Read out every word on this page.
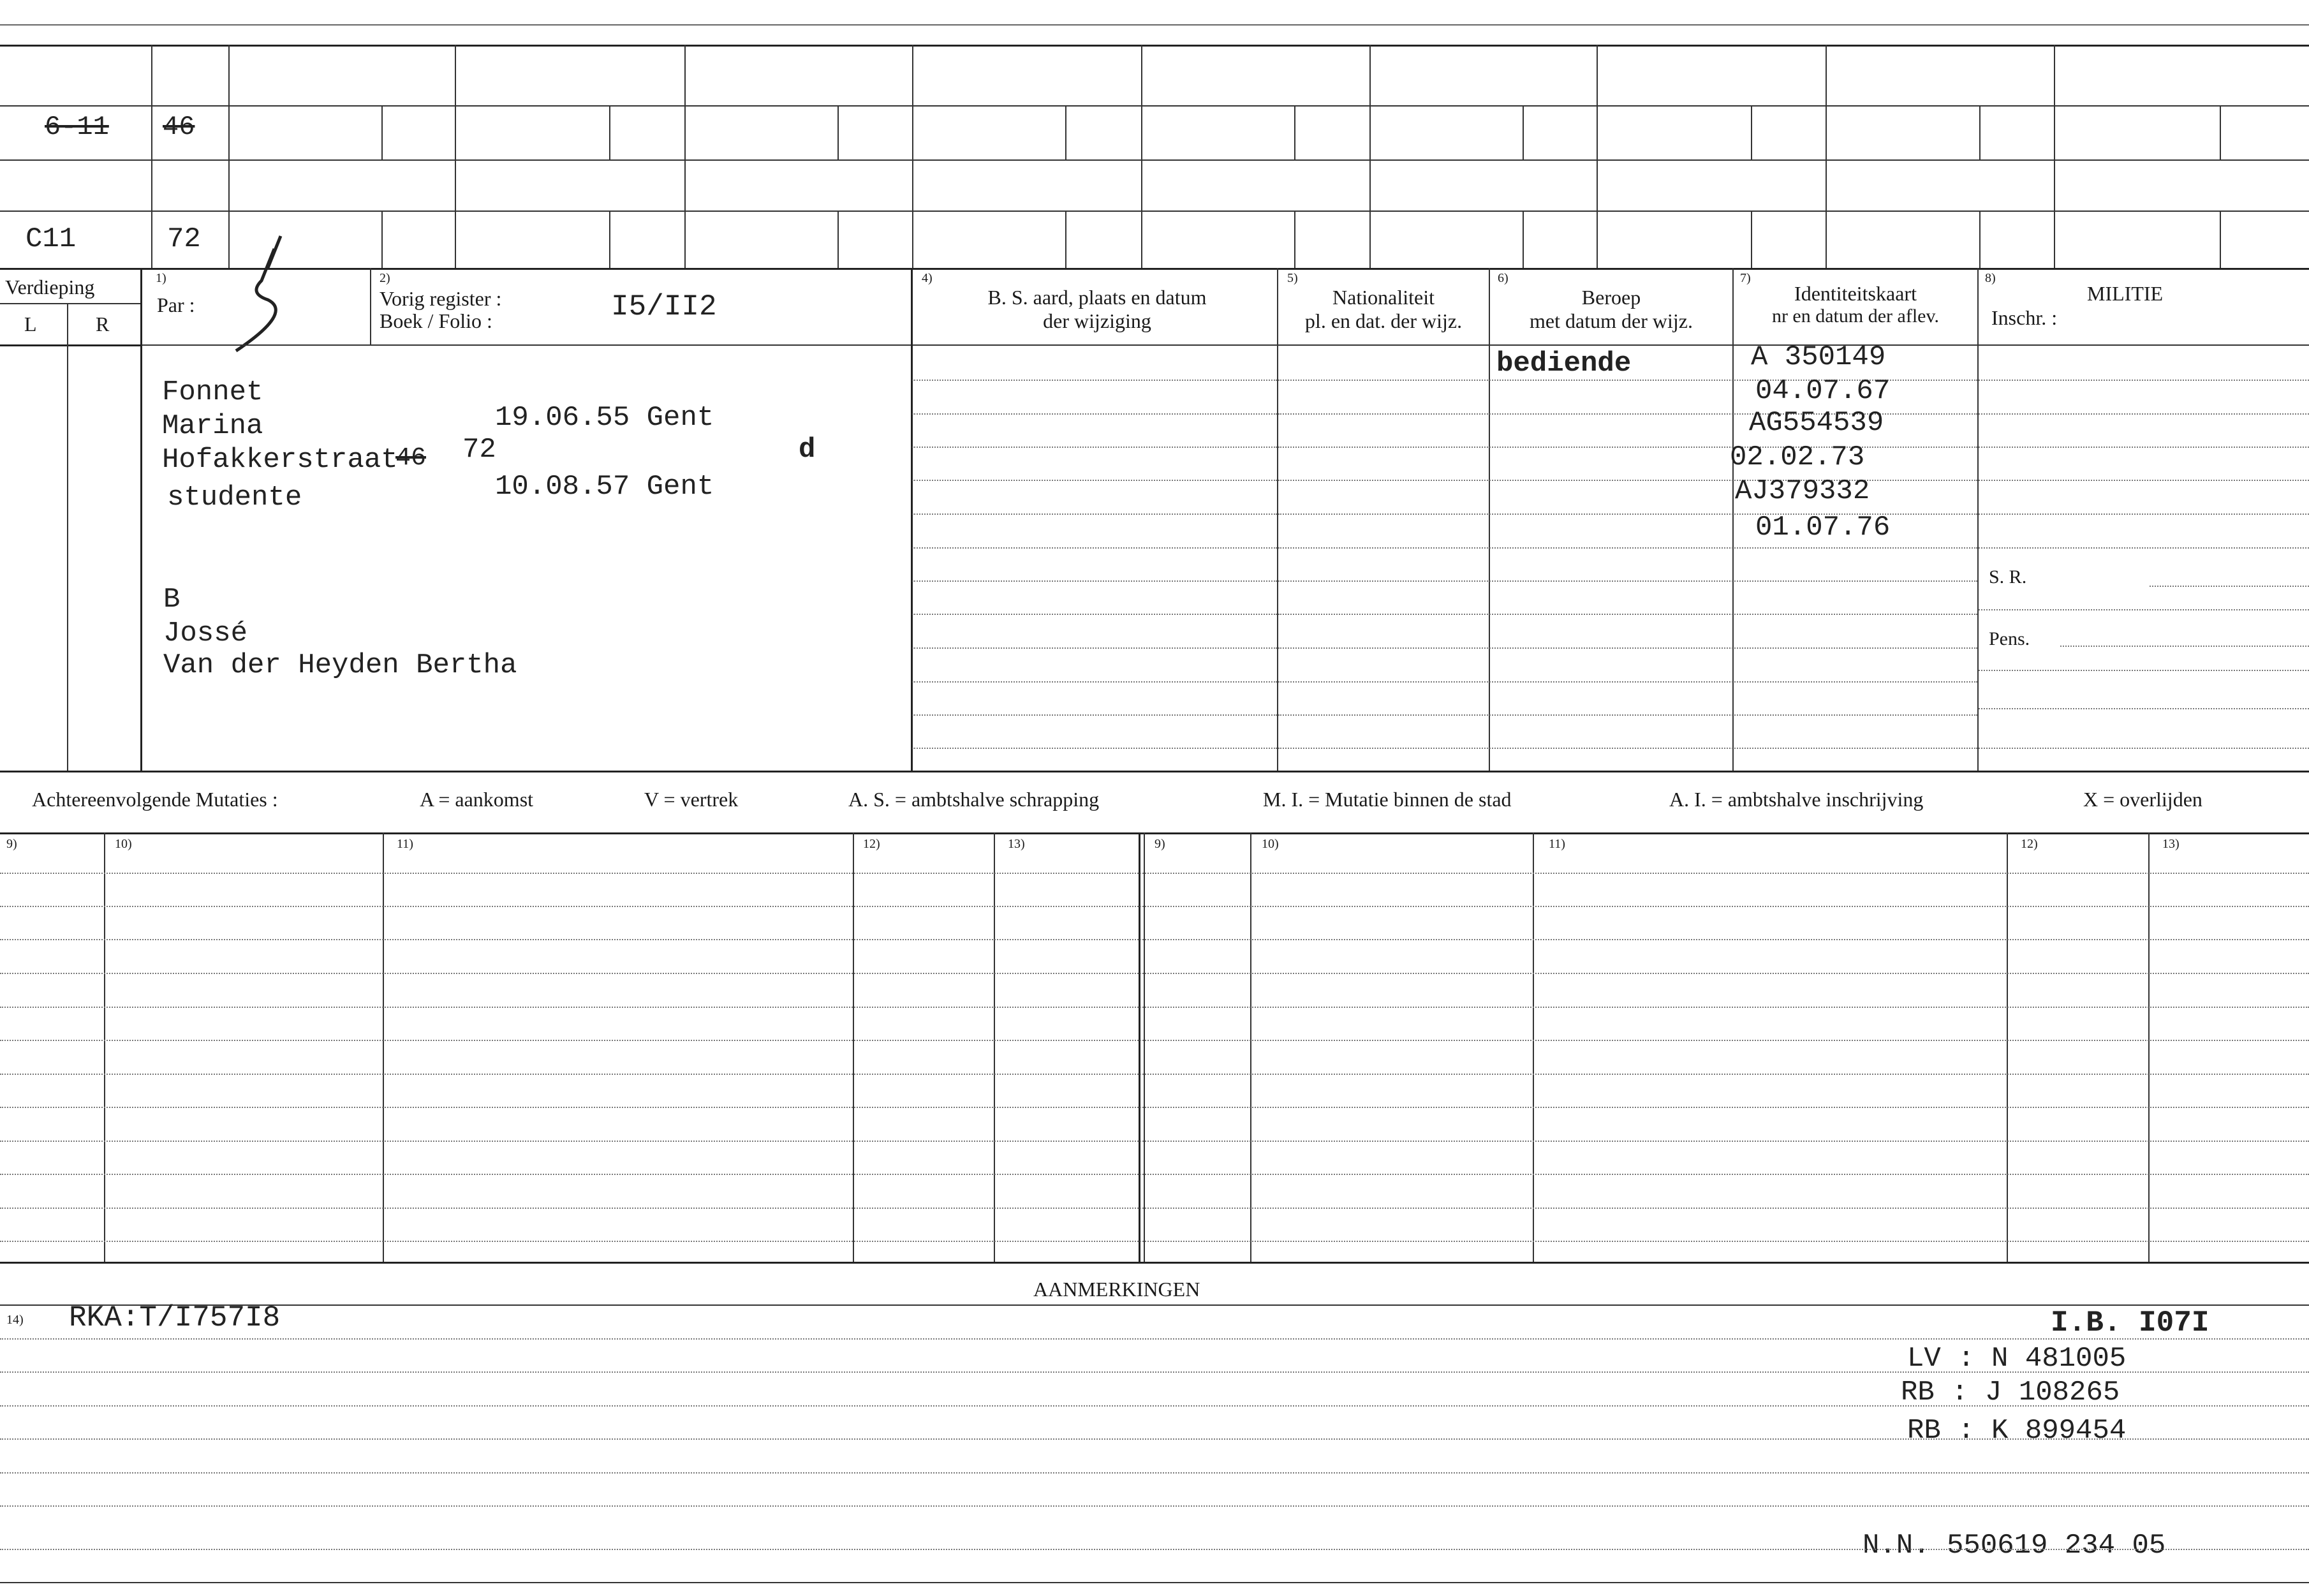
6-11 46
C11	72
Verdieping
L	R
1)
Par :
2)
Vorig register :
Boek / Folio :	I5/II2
4)
B. S. aard, plaats en datum
der wijziging
5)
Nationaliteit
pl. en dat. der wijz.
6)
Beroep
met datum der wijz.
7)
Identiteitskaart
nr en datum der aflev.
8)
MILITIE
Inschr. :
Fonnet
Marina	19.06.55 Gent
Hofakkerstraat
46 72	d
studente	10.08.57 Gent
B
Jossé
Van der Heyden Bertha
bediende	A 350149
04.07.67
AG554539
02.02.73
AJ379332
01.07.76
S. R.
Pens.
Achtereenvolgende Mutaties :	A = aankomst	V = vertrek	A. S. = ambtshalve schrapping	M. I. = Mutatie binnen de stad	A. I. = ambtshalve inschrijving	X = overlijden
9)	10)	11)	12)	13)	9)	10)	11)	12)	13)
AANMERKINGEN
14) RKA:T/I757I8	I.B. I07I
LV : N 481005
RB : J 108265
RB : K 899454
N.N. 550619 234 05
